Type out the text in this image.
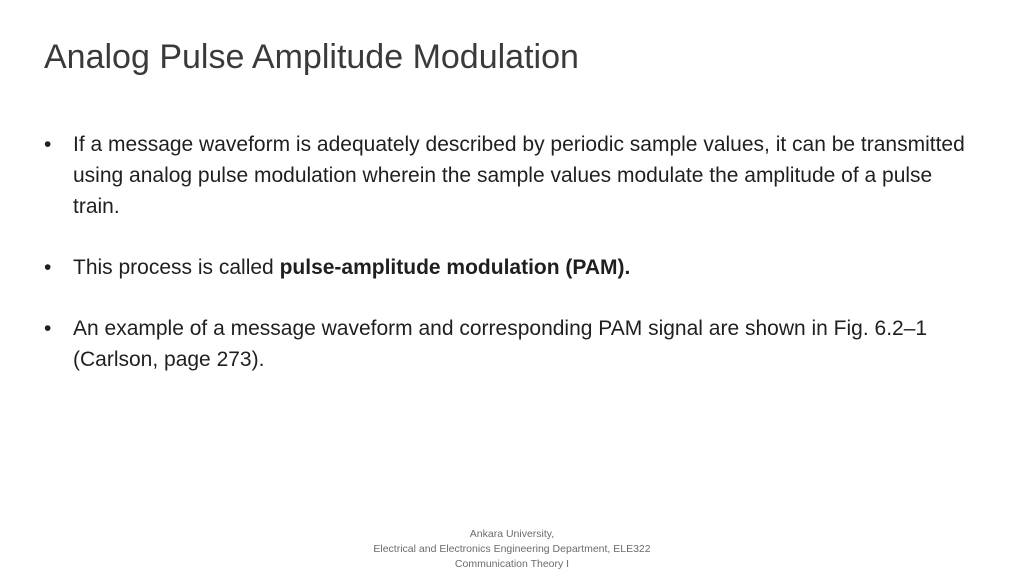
Analog Pulse Amplitude Modulation
•	If a message waveform is adequately described by periodic sample values, it can be transmitted using analog pulse modulation wherein the sample values modulate the amplitude of a pulse train.
•	This process is called pulse-amplitude modulation (PAM).
•	An example of a message waveform and corresponding PAM signal are shown in Fig. 6.2–1 (Carlson, page 273).
Ankara University,
Electrical and Electronics Engineering Department, ELE322
Communication Theory I
